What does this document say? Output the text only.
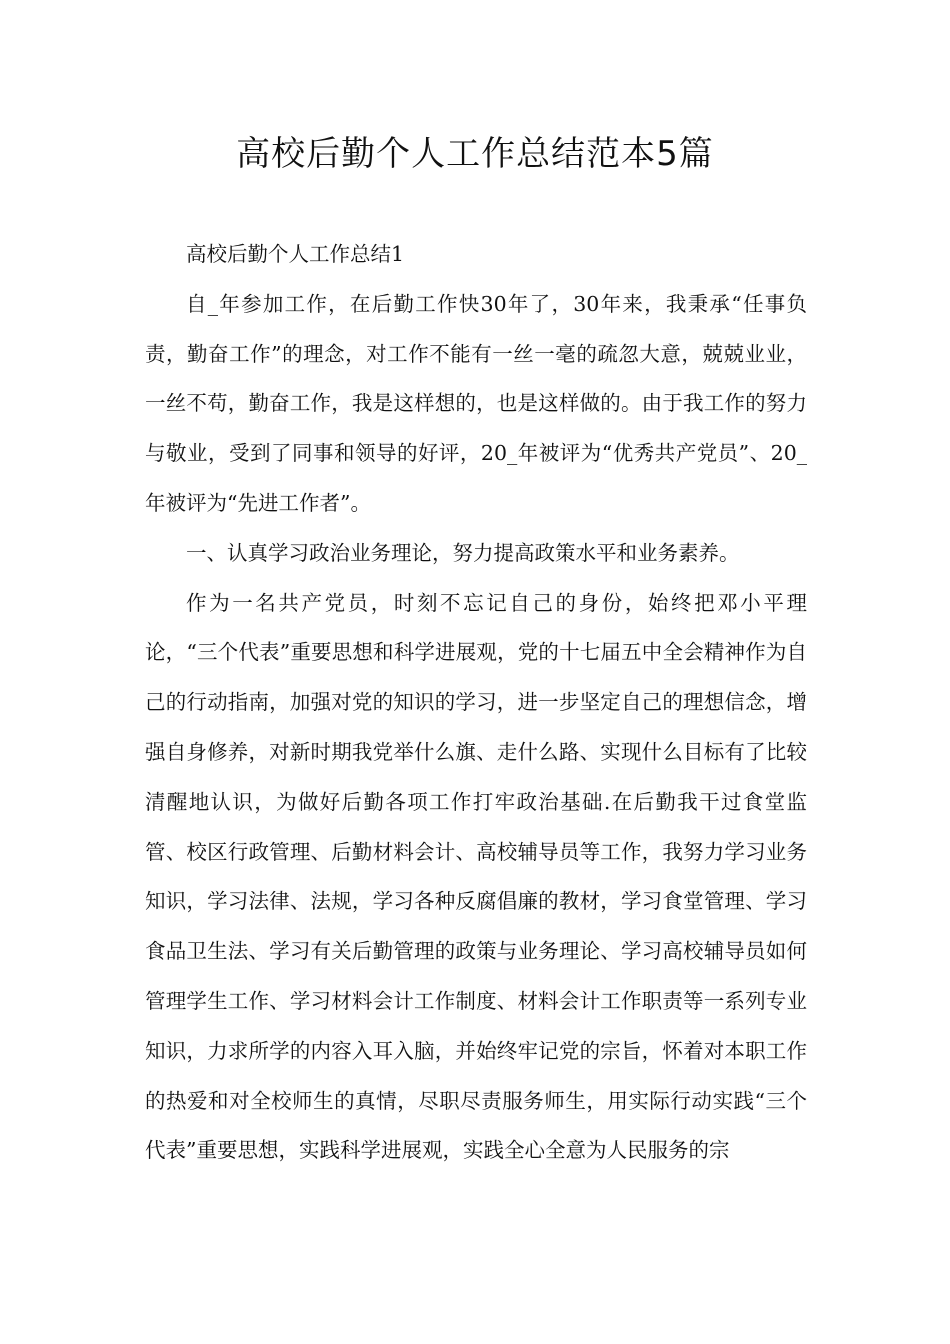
高校后勤个人工作总结范本5篇

高校后勤个人工作总结1

自_年参加工作，在后勤工作快30年了，30年来，我秉承“任事负责，勤奋工作”的理念，对工作不能有一丝一毫的疏忽大意，兢兢业业，一丝不苟，勤奋工作，我是这样想的，也是这样做的。由于我工作的努力与敬业，受到了同事和领导的好评，20_年被评为“优秀共产党员”、20_年被评为“先进工作者”。

一、认真学习政治业务理论，努力提高政策水平和业务素养。

作为一名共产党员，时刻不忘记自己的身份，始终把邓小平理论，“三个代表”重要思想和科学进展观，党的十七届五中全会精神作为自己的行动指南，加强对党的知识的学习，进一步坚定自己的理想信念，增强自身修养，对新时期我党举什么旗、走什么路、实现什么目标有了比较清醒地认识，为做好后勤各项工作打牢政治基础.在后勤我干过食堂监管、校区行政管理、后勤材料会计、高校辅导员等工作，我努力学习业务知识，学习法律、法规，学习各种反腐倡廉的教材，学习食堂管理、学习食品卫生法、学习有关后勤管理的政策与业务理论、学习高校辅导员如何管理学生工作、学习材料会计工作制度、材料会计工作职责等一系列专业知识，力求所学的内容入耳入脑，并始终牢记党的宗旨，怀着对本职工作的热爱和对全校师生的真情，尽职尽责服务师生，用实际行动实践“三个代表”重要思想，实践科学进展观，实践全心全意为人民服务的宗
